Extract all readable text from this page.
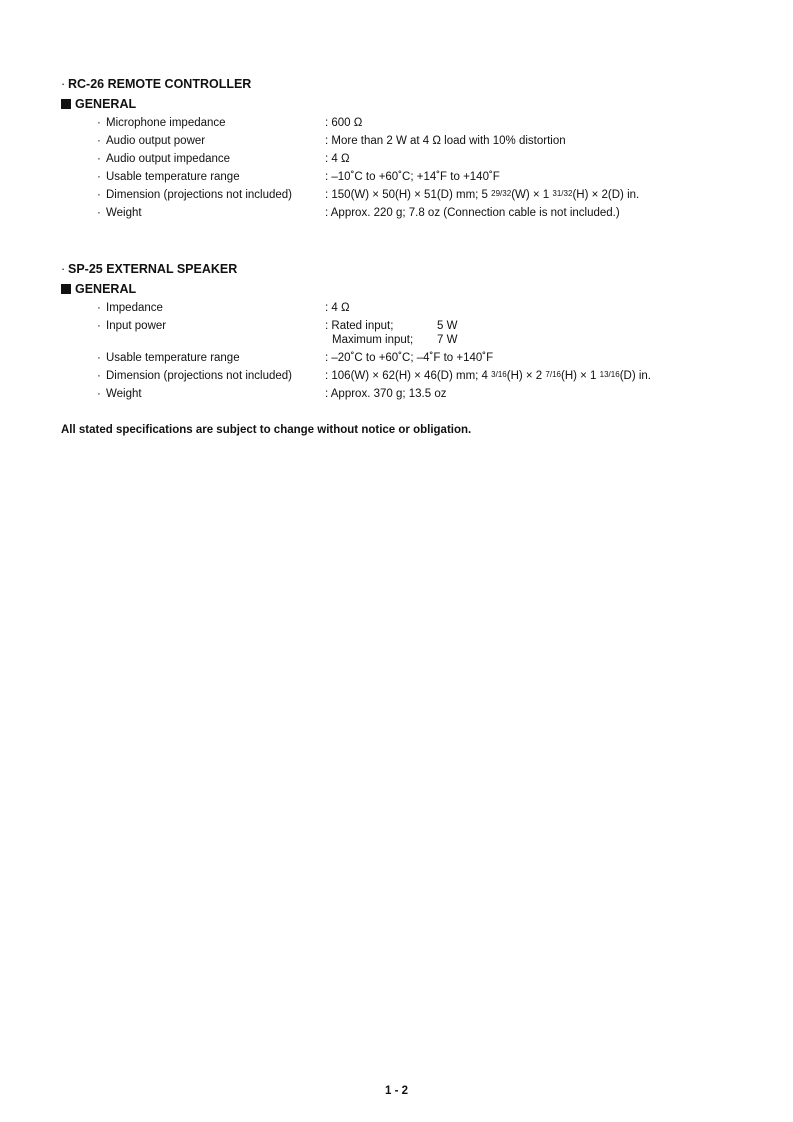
· RC-26 REMOTE CONTROLLER
GENERAL
· Microphone impedance	: 600 Ω
· Audio output power	: More than 2 W at 4 Ω load with 10% distortion
· Audio output impedance	: 4 Ω
· Usable temperature range	: –10˚C to +60˚C; +14˚F to +140˚F
· Dimension (projections not included)	: 150(W) × 50(H) × 51(D) mm; 5 29/32(W) × 1 31/32(H) × 2(D) in.
· Weight	: Approx. 220 g; 7.8 oz (Connection cable is not included.)
· SP-25 EXTERNAL SPEAKER
GENERAL
· Impedance	: 4 Ω
· Input power	: Rated input;	5 W
Maximum input; 7 W
· Usable temperature range	: –20˚C to +60˚C; –4˚F to +140˚F
· Dimension (projections not included)	: 106(W) × 62(H) × 46(D) mm; 4 3/16(H) × 2 7/16(H) × 1 13/16(D) in.
· Weight	: Approx. 370 g; 13.5 oz
All stated specifications are subject to change without notice or obligation.
1 - 2
